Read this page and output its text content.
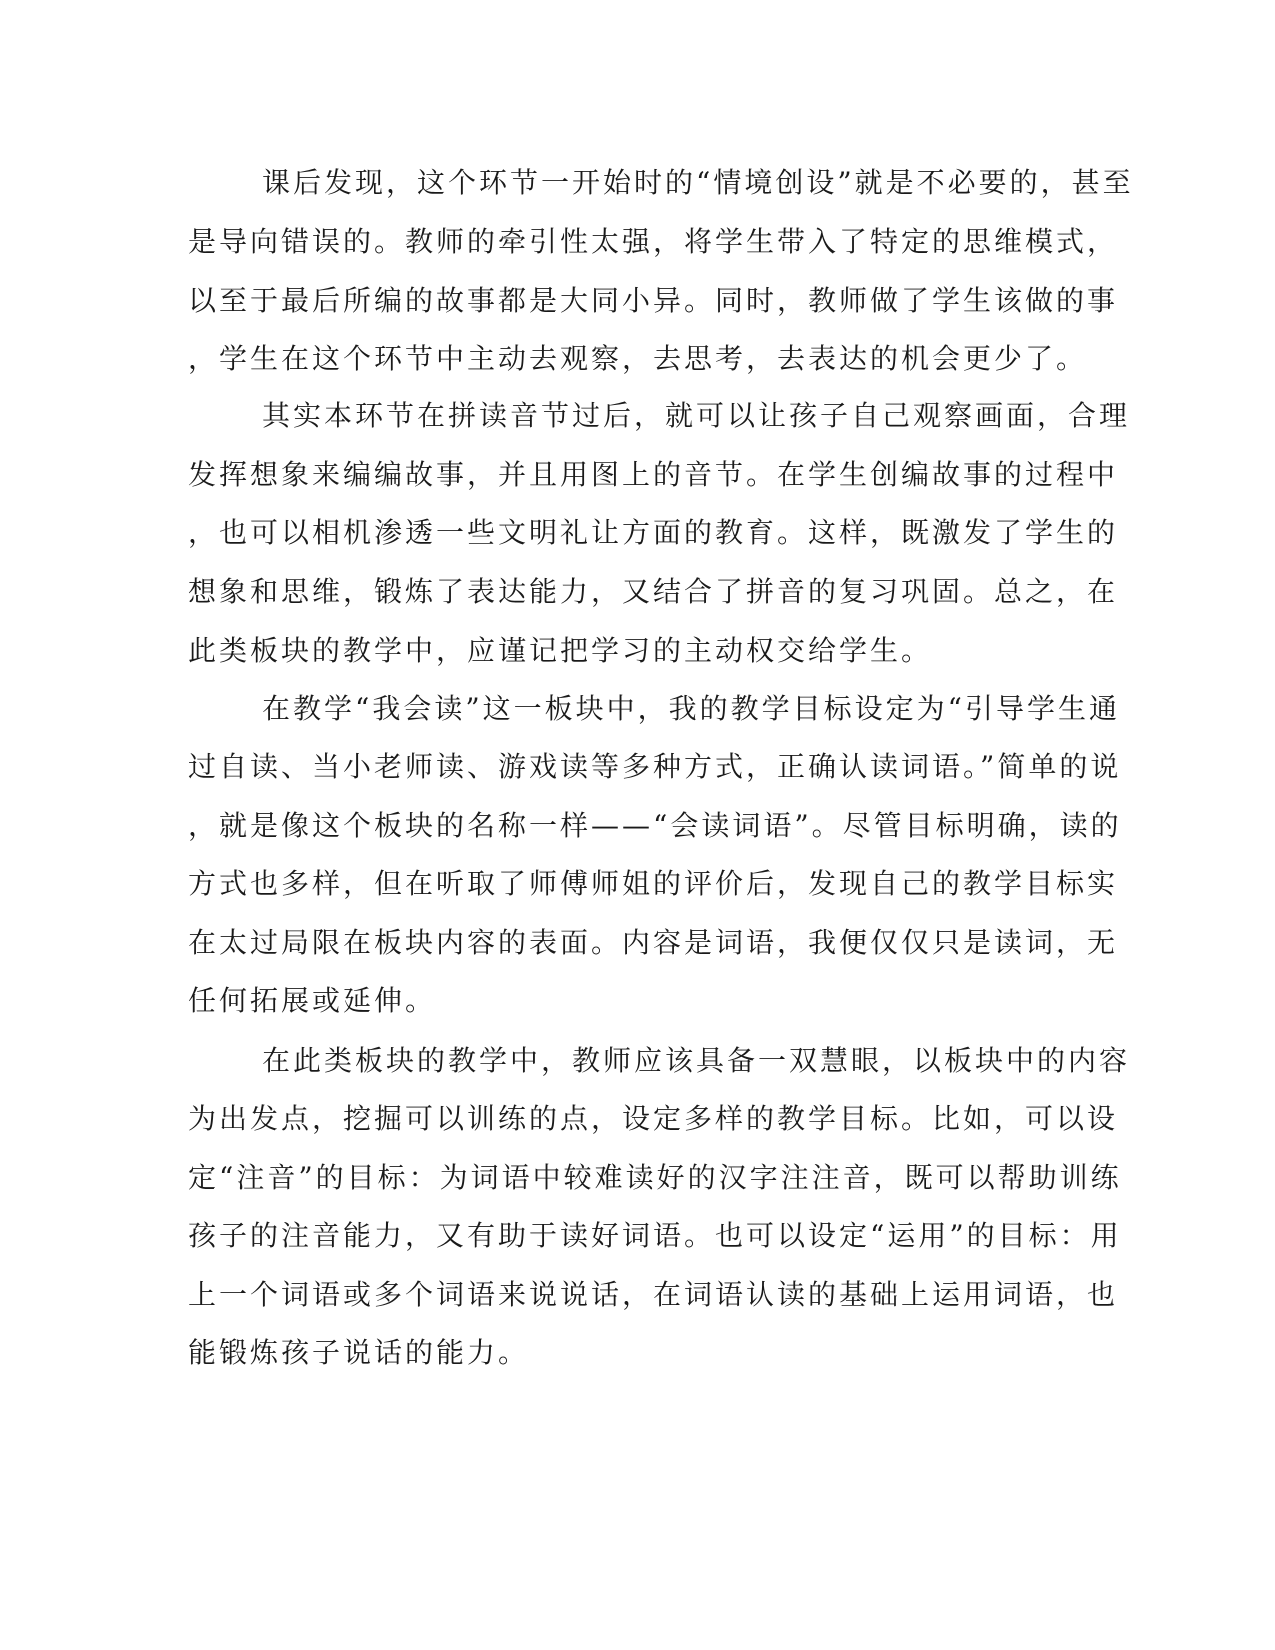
课后发现，这个环节一开始时的“情境创设”就是不必要的，甚至

是导向错误的。教师的牵引性太强，将学生带入了特定的思维模式，

以至于最后所编的故事都是大同小异。同时，教师做了学生该做的事

，学生在这个环节中主动去观察，去思考，去表达的机会更少了。

其实本环节在拼读音节过后，就可以让孩子自己观察画面，合理

发挥想象来编编故事，并且用图上的音节。在学生创编故事的过程中

，也可以相机渗透一些文明礼让方面的教育。这样，既激发了学生的

想象和思维，锻炼了表达能力，又结合了拼音的复习巩固。总之，在

此类板块的教学中，应谨记把学习的主动权交给学生。

在教学“我会读”这一板块中，我的教学目标设定为“引导学生通

过自读、当小老师读、游戏读等多种方式，正确认读词语。”简单的说

，就是像这个板块的名称一样——“会读词语”。尽管目标明确，读的

方式也多样，但在听取了师傅师姐的评价后，发现自己的教学目标实

在太过局限在板块内容的表面。内容是词语，我便仅仅只是读词，无

任何拓展或延伸。

在此类板块的教学中，教师应该具备一双慧眼，以板块中的内容

为出发点，挖掘可以训练的点，设定多样的教学目标。比如，可以设

定“注音”的目标：为词语中较难读好的汉字注注音，既可以帮助训练

孩子的注音能力，又有助于读好词语。也可以设定“运用”的目标：用

上一个词语或多个词语来说说话，在词语认读的基础上运用词语，也

能锻炼孩子说话的能力。
